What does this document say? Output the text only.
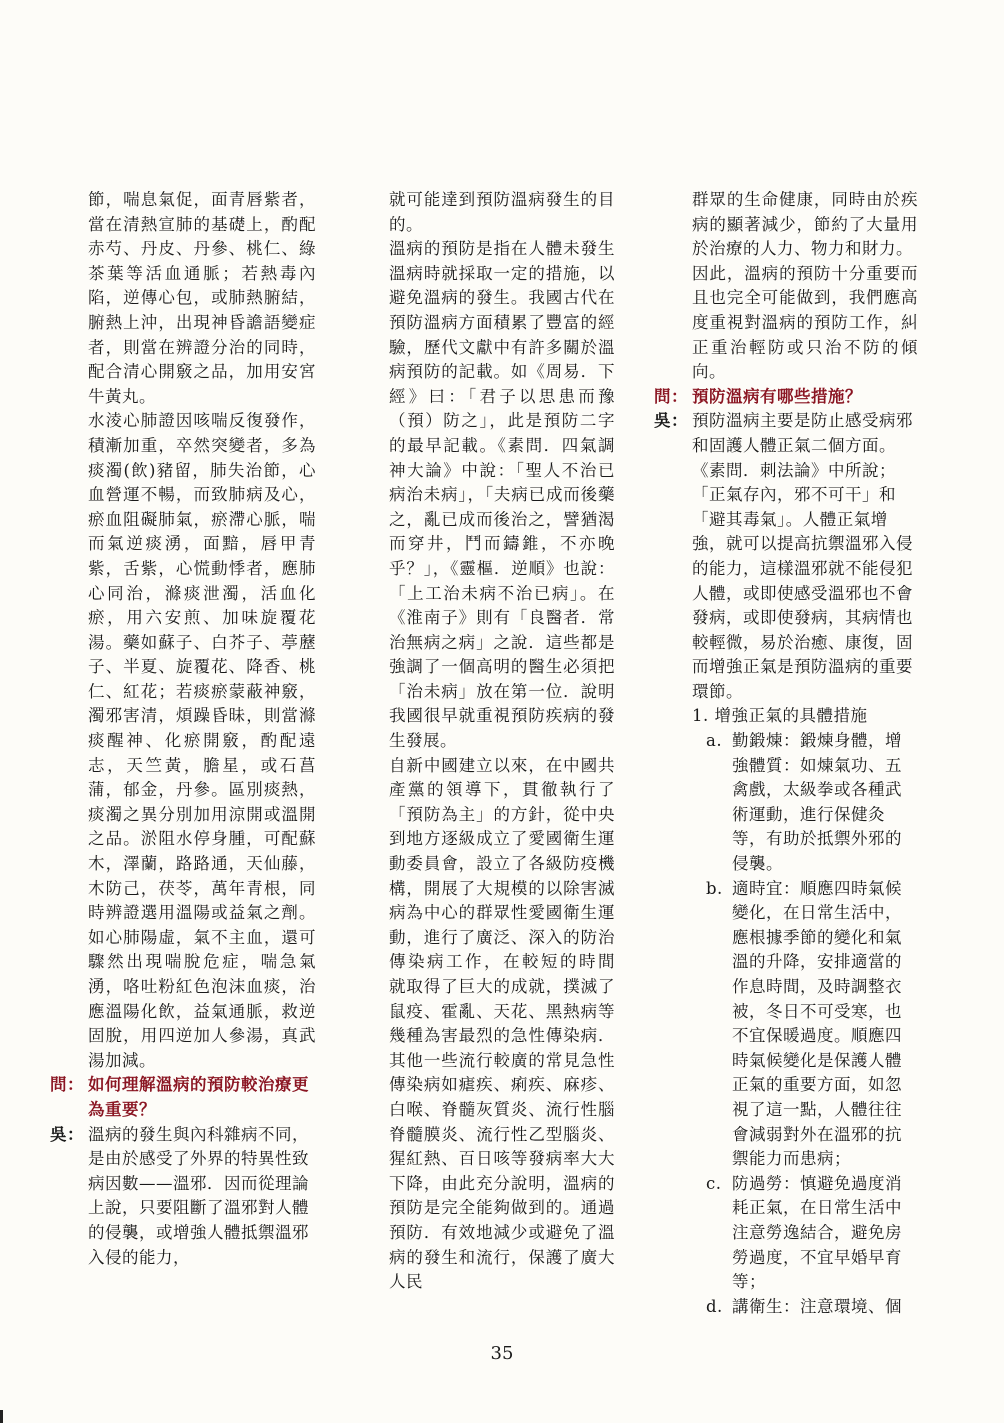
節，喘息氣促，面青唇紫者，當在清熱宣肺的基礎上，酌配赤芍、丹皮、丹參、桃仁、綠茶葉等活血通脈；若熱毒內陷，逆傳心包，或肺熱腑結，腑熱上沖，出現神昏譫語變症者，則當在辨證分治的同時，配合清心開竅之品，加用安宮牛黃丸。

水淩心肺證因咳喘反復發作，積漸加重，卒然突變者，多為痰濁(飲)豬留，肺失治節，心血營運不暢，而致肺病及心，瘀血阻礙肺氣，瘀滯心脈，喘而氣逆痰湧，面黯，唇甲青紫，舌紫，心慌動悸者，應肺心同治，滌痰泄濁，活血化瘀，用六安煎、加味旋覆花湯。藥如蘇子、白芥子、葶藶子、半夏、旋覆花、降香、桃仁、紅花；若痰瘀蒙蔽神竅，濁邪害清，煩躁昏昧，則當滌痰醒神、化瘀開竅，酌配遠志，天竺黃，膽星，或石菖蒲，郁金，丹參。區別痰熱，痰濁之異分別加用涼開或溫開之品。淤阻水停身腫，可配蘇木，澤蘭，路路通，天仙藤，木防己，茯苓，萬年青根，同時辨證選用溫陽或益氣之劑。如心肺陽虛，氣不主血，還可驟然出現喘脫危症，喘急氣湧，咯吐粉紅色泡沫血痰，治應溫陽化飲，益氣通脈，救逆固脫，用四逆加人參湯，真武湯加減。

問： 如何理解溫病的預防較治療更為重要？
吳： 溫病的發生與內科雜病不同，是由於感受了外界的特異性致病因數——溫邪．因而從理論上說，只要阻斷了溫邪對人體的侵襲，或增強人體抵禦溫邪入侵的能力，

就可能達到預防溫病發生的目的。

溫病的預防是指在人體未發生溫病時就採取一定的措施，以避免溫病的發生。我國古代在預防溫病方面積累了豐富的經驗，歷代文獻中有許多關於溫病預防的記載。如《周易．下經》曰：「君子以思患而豫（預）防之」，此是預防二字的最早記載。《素問．四氣調神大論》中說：「聖人不治已病治未病」，「夫病已成而後藥之，亂已成而後治之，譬猶渴而穿井，鬥而鑄錐，不亦晚乎？」，《靈樞．逆順》也說：「上工治未病不治已病」。在《淮南子》則有「良醫者．常治無病之病」之說．這些都是強調了一個高明的醫生必須把「治未病」放在第一位．說明我國很早就重視預防疾病的發生發展。

自新中國建立以來，在中國共產黨的領導下，貫徹執行了「預防為主」的方針，從中央到地方逐級成立了愛國衛生運動委員會，設立了各級防疫機構，開展了大規模的以除害滅病為中心的群眾性愛國衛生運動，進行了廣泛、深入的防治傳染病工作，在較短的時間　就取得了巨大的成就，撲滅了鼠疫、霍亂、天花、黑熱病等幾種為害最烈的急性傳染病．其他一些流行較廣的常見急性傳染病如瘧疾、痢疾、麻疹、白喉、脊髓灰質炎、流行性腦脊髓膜炎、流行性乙型腦炎、猩紅熱、百日咳等發病率大大下降，由此充分說明，溫病的預防是完全能夠做到的。通過預防．有效地減少或避免了溫病的發生和流行，保護了廣大人民

群眾的生命健康，同時由於疾病的顯著減少，節約了大量用於治療的人力、物力和財力。

因此，溫病的預防十分重要而且也完全可能做到，我們應高度重視對溫病的預防工作，糾正重治輕防或只治不防的傾向。

問： 預防溫病有哪些措施？
吳： 預防溫病主要是防止感受病邪和固護人體正氣二個方面。《素問．刺法論》中所說；「正氣存內，邪不可干」和「避其毒氣」。人體正氣增強，就可以提高抗禦溫邪入侵的能力，這樣溫邪就不能侵犯人體，或即使感受溫邪也不會發病，或即使發病，其病情也較輕微，易於治癒、康復，固而增強正氣是預防溫病的重要環節。
1. 增強正氣的具體措施
a. 勤鍛煉：鍛煉身體，增強體質：如煉氣功、五禽戲，太級拳或各種武術運動，進行保健灸等，有助於抵禦外邪的侵襲。
b. 適時宜：順應四時氣候變化，在日常生活中，應根據季節的變化和氣溫的升降，安排適當的作息時間，及時調整衣被，冬日不可受寒，也不宜保暖過度。順應四時氣候變化是保護人體正氣的重要方面，如忽視了這一點，人體往往會減弱對外在溫邪的抗禦能力而患病；
c. 防過勞：慎避免過度消耗正氣，在日常生活中注意勞逸結合，避免房勞過度，不宜早婚早育等；
d. 講衛生：注意環境、個
35
